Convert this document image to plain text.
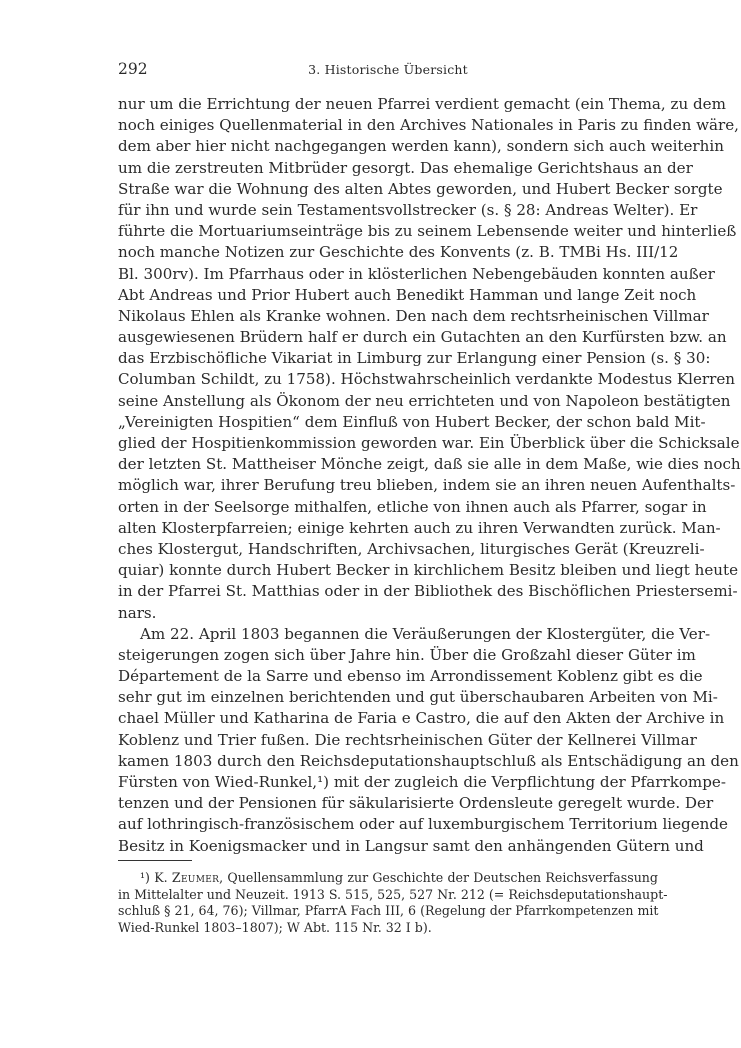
292	3. Historische Übersicht
nur um die Errichtung der neuen Pfarrei verdient gemacht (ein Thema, zu dem
noch einiges Quellenmaterial in den Archives Nationales in Paris zu finden wäre,
dem aber hier nicht nachgegangen werden kann), sondern sich auch weiterhin
um die zerstreuten Mitbrüder gesorgt. Das ehemalige Gerichtshaus an der
Straße war die Wohnung des alten Abtes geworden, und Hubert Becker sorgte
für ihn und wurde sein Testamentsvollstrecker (s. § 28: Andreas Welter). Er
führte die Mortuariumseinträge bis zu seinem Lebensende weiter und hinterließ
noch manche Notizen zur Geschichte des Konvents (z. B. TMBi Hs. III/12
Bl. 300rv). Im Pfarrhaus oder in klösterlichen Nebengebäuden konnten außer
Abt Andreas und Prior Hubert auch Benedikt Hamman und lange Zeit noch
Nikolaus Ehlen als Kranke wohnen. Den nach dem rechtsrheinischen Villmar
ausgewiesenen Brüdern half er durch ein Gutachten an den Kurfürsten bzw. an
das Erzbischöfliche Vikariat in Limburg zur Erlangung einer Pension (s. § 30:
Columban Schildt, zu 1758). Höchstwahrscheinlich verdankte Modestus Klerren
seine Anstellung als Ökonom der neu errichteten und von Napoleon bestätigten
„Vereinigten Hospitien“ dem Einfluß von Hubert Becker, der schon bald Mit-
glied der Hospitienkommission geworden war. Ein Überblick über die Schicksale
der letzten St. Mattheiser Mönche zeigt, daß sie alle in dem Maße, wie dies noch
möglich war, ihrer Berufung treu blieben, indem sie an ihren neuen Aufenthalts-
orten in der Seelsorge mithalfen, etliche von ihnen auch als Pfarrer, sogar in
alten Klosterpfarreien; einige kehrten auch zu ihren Verwandten zurück. Man-
ches Klostergut, Handschriften, Archivsachen, liturgisches Gerät (Kreuzreli-
quiar) konnte durch Hubert Becker in kirchlichem Besitz bleiben und liegt heute
in der Pfarrei St. Matthias oder in der Bibliothek des Bischöflichen Priestersemi-
nars.
Am 22. April 1803 begannen die Veräußerungen der Klostergüter, die Ver-
steigerungen zogen sich über Jahre hin. Über die Großzahl dieser Güter im
Département de la Sarre und ebenso im Arrondissement Koblenz gibt es die
sehr gut im einzelnen berichtenden und gut überschaubaren Arbeiten von Mi-
chael Müller und Katharina de Faria e Castro, die auf den Akten der Archive in
Koblenz und Trier fußen. Die rechtsrheinischen Güter der Kellnerei Villmar
kamen 1803 durch den Reichsdeputationshauptschluß als Entschädigung an den
Fürsten von Wied-Runkel,¹) mit der zugleich die Verpflichtung der Pfarrkompe-
tenzen und der Pensionen für säkularisierte Ordensleute geregelt wurde. Der
auf lothringisch-französischem oder auf luxemburgischem Territorium liegende
Besitz in Koenigsmacker und in Langsur samt den anhängenden Gütern und
¹) K. Zeumer, Quellensammlung zur Geschichte der Deutschen Reichsverfassung
in Mittelalter und Neuzeit. 1913 S. 515, 525, 527 Nr. 212 (= Reichsdeputationshaupt-
schluß § 21, 64, 76); Villmar, PfarrA Fach III, 6 (Regelung der Pfarrkompetenzen mit
Wied-Runkel 1803–1807); W Abt. 115 Nr. 32 I b).
